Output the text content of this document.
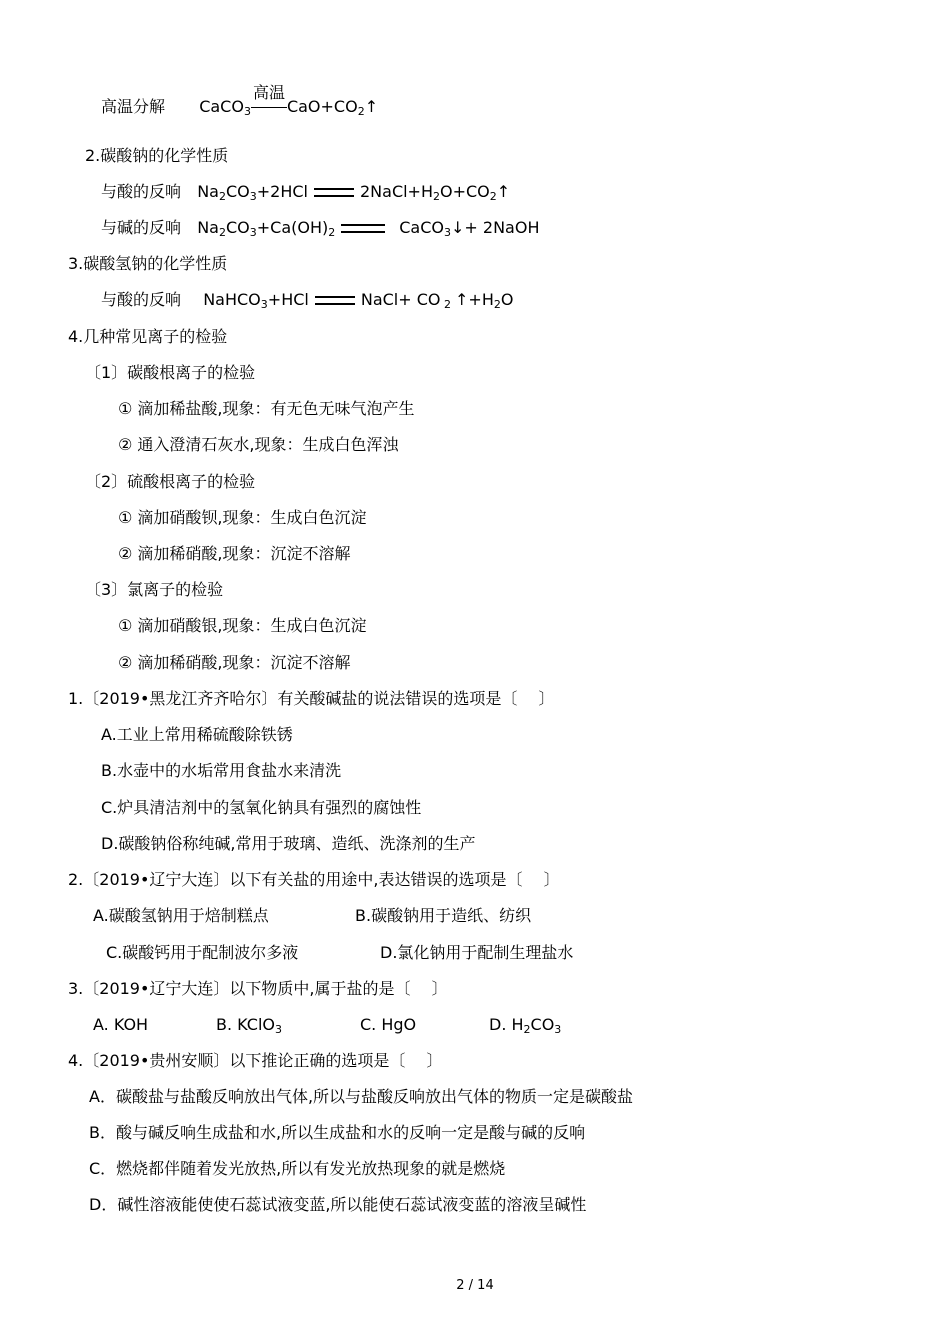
高温分解 CaCO$_3$
高温
$CaO+CO_2↑$
2.碳酸钠的化学性质
与酸的反响 $Na_2CO_3+2HCl$	$2NaCl+H_2O+CO_2↑$
与碱的反响 $Na_2CO_3+Ca(OH)_2$	CaCO$_3$↓+ 2NaOH
3.碳酸氢钠的化学性质
与酸的反响 NaHCO$_3$+HCl	NaCl+ CO $_2$ $↑+H_2O$
4.几种常见离子的检验
〔1〕碳酸根离子的检验
① 滴加稀盐酸,现象：有无色无味气泡产生
② 通入澄清石灰水,现象：生成白色浑浊
〔2〕硫酸根离子的检验
① 滴加硝酸钡,现象：生成白色沉淀
② 滴加稀硝酸,现象：沉淀不溶解
〔3〕氯离子的检验
① 滴加硝酸银,现象：生成白色沉淀
② 滴加稀硝酸,现象：沉淀不溶解
1.〔2019•黑龙江齐齐哈尔〕有关酸碱盐的说法错误的选项是〔　 〕
A.工业上常用稀硫酸除铁锈
B.水壶中的水垢常用食盐水来清洗
C.炉具清洁剂中的氢氧化钠具有强烈的腐蚀性
D.碳酸钠俗称纯碱,常用于玻璃、造纸、洗涤剂的生产
2.〔2019•辽宁大连〕以下有关盐的用途中,表达错误的选项是〔　 〕
A.碳酸氢钠用于焙制糕点	B.碳酸钠用于造纸、纺织
C.碳酸钙用于配制波尔多液	D.氯化钠用于配制生理盐水
3.〔2019•辽宁大连〕以下物质中,属于盐的是〔　 〕
A. KOH	B. KClO$_3$	C. HgO	D. $H_2CO_3$
4.〔2019•贵州安顺〕以下推论正确的选项是〔　 〕
A．碳酸盐与盐酸反响放出气体,所以与盐酸反响放出气体的物质一定是碳酸盐
B．酸与碱反响生成盐和水,所以生成盐和水的反响一定是酸与碱的反响
C．燃烧都伴随着发光放热,所以有发光放热现象的就是燃烧
D．碱性溶液能使使石蕊试液变蓝,所以能使石蕊试液变蓝的溶液呈碱性
2 / 14
